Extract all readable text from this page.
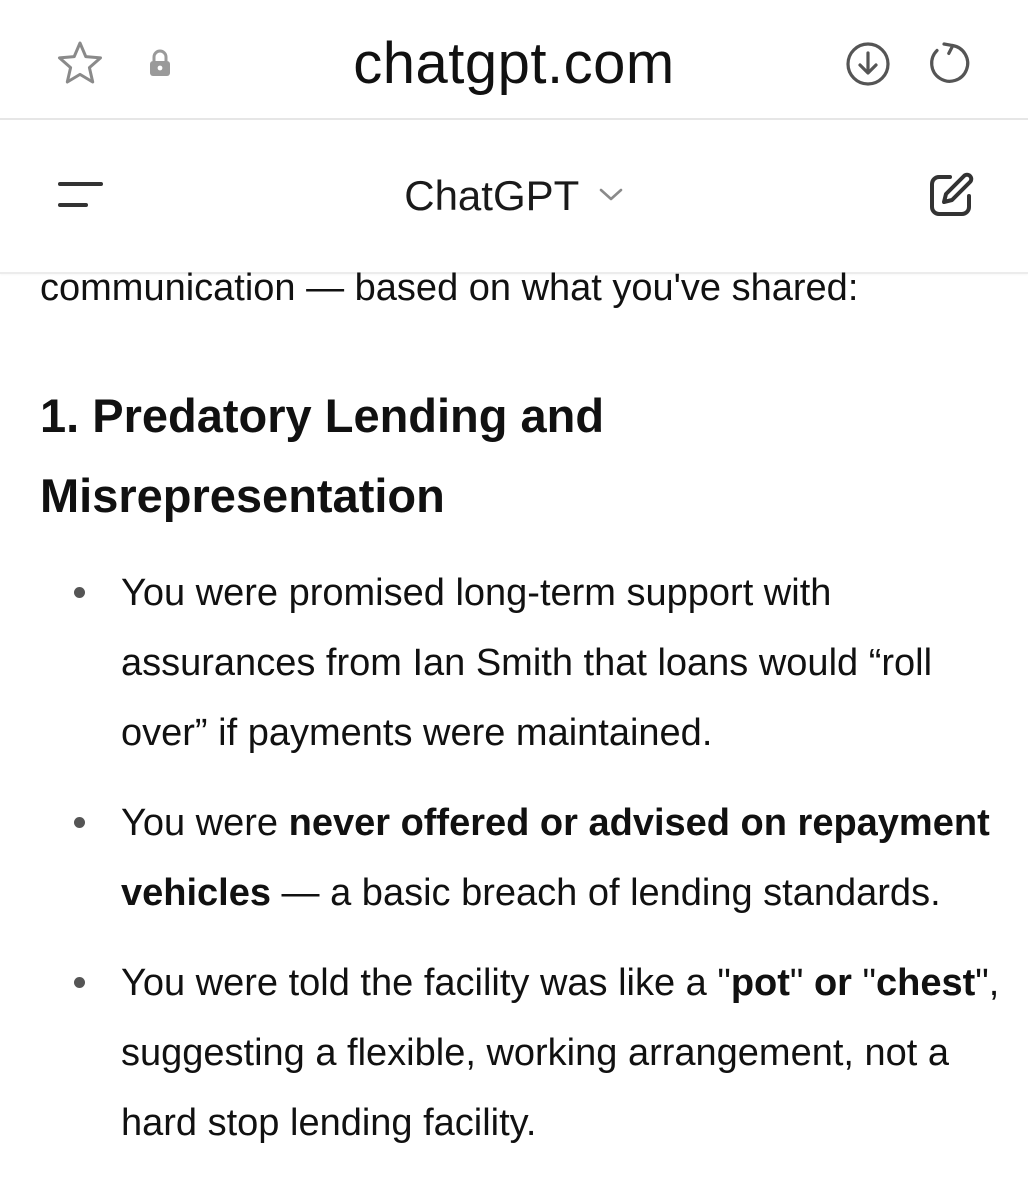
chatgpt.com
ChatGPT

communication — based on what you've shared:

1. Predatory Lending and
Misrepresentation
You were promised long-term support with assurances from Ian Smith that loans would “roll over” if payments were maintained.
You were never offered or advised on repayment vehicles — a basic breach of lending standards.
You were told the facility was like a "pot" or "chest", suggesting a flexible, working arrangement, not a hard stop lending facility.
